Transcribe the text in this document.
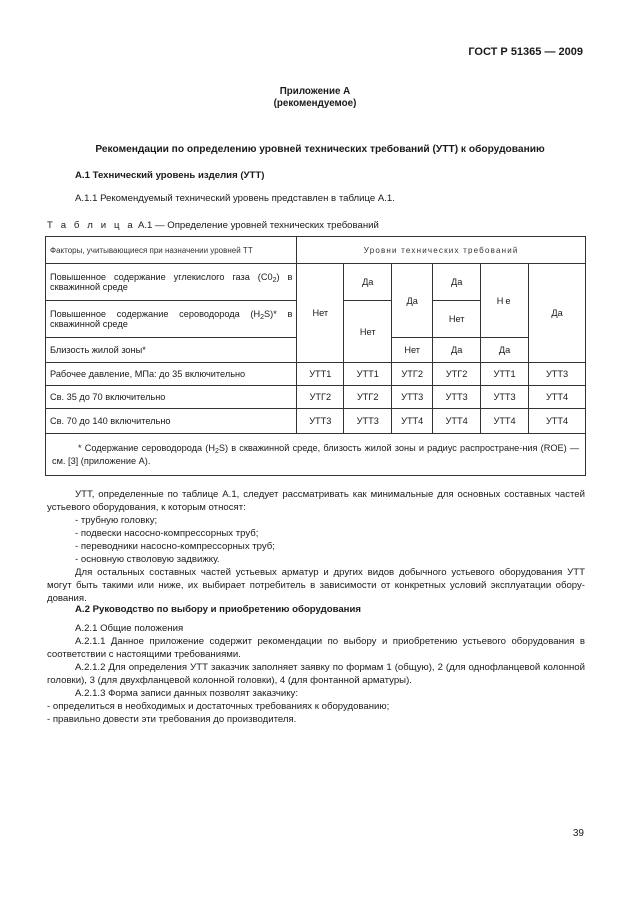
ГОСТ Р 51365 — 2009
Приложение А
(рекомендуемое)
Рекомендации по определению уровней технических требований (УТТ) к оборудованию
А.1 Технический уровень изделия (УТТ)
А.1.1 Рекомендуемый технический уровень представлен в таблице А.1.
Т а б л и ц а А.1 — Определение уровней технических требований
Факторы, учитывающиеся при назначении уровней ТТ	Уровни технических требований					
Повышенное содержание углекислого газа $(С0_2)$ в скважинной среде	Нет	Да	Да	Да	Не	Да
Повышенное содержание сероводорода $(Н_2S)*$ в скважинной среде		Нет		Нет		
Близость жилой зоны*			Нет	Да	Да	
Рабочее давление, МПа: до 35 включительно	УТТ1	УТТ1	УТГ2	УТГ2	УТТ1	УТТ3
Св. 35 до 70 включительно	УТГ2	УТГ2	УТТ3	УТТ3	УТТ3	УТТ4
Св. 70 до 140 включительно	УТТ3	УТТ3	УТТ4	УТТ4	УТТ4	УТТ4
* Содержание сероводорода $(Н_2S)$ в скважинной среде, близость жилой зоны и радиус распростране-ния (ROE) — см. [3] (приложение А).						
УТТ, определенные по таблице А.1, следует рассматривать как минимальные для основных составных частей устьевого оборудования, к которым относят:
- трубную головку;
- подвески насосно-компрессорных труб;
- переводники насосно-компрессорных труб;
- основную стволовую задвижку.
Для остальных составных частей устьевых арматур и других видов добычного устьевого оборудования УТТ могут быть такими или ниже, их выбирает потребитель в зависимости от конкретных условий эксплуатации обору-дования.
А.2 Руководство по выбору и приобретению оборудования
А.2.1 Общие положения
А.2.1.1 Данное приложение содержит рекомендации по выбору и приобретению устьевого оборудования в соответствии с настоящими требованиями.
А.2.1.2 Для определения УТТ заказчик заполняет заявку по формам 1 (общую), 2 (для однофланцевой колонной головки), 3 (для двухфланцевой колонной головки), 4 (для фонтанной арматуры).
А.2.1.3 Форма записи данных позволят заказчику:
- определиться в необходимых и достаточных требованиях к оборудованию;
- правильно довести эти требования до производителя.
39
